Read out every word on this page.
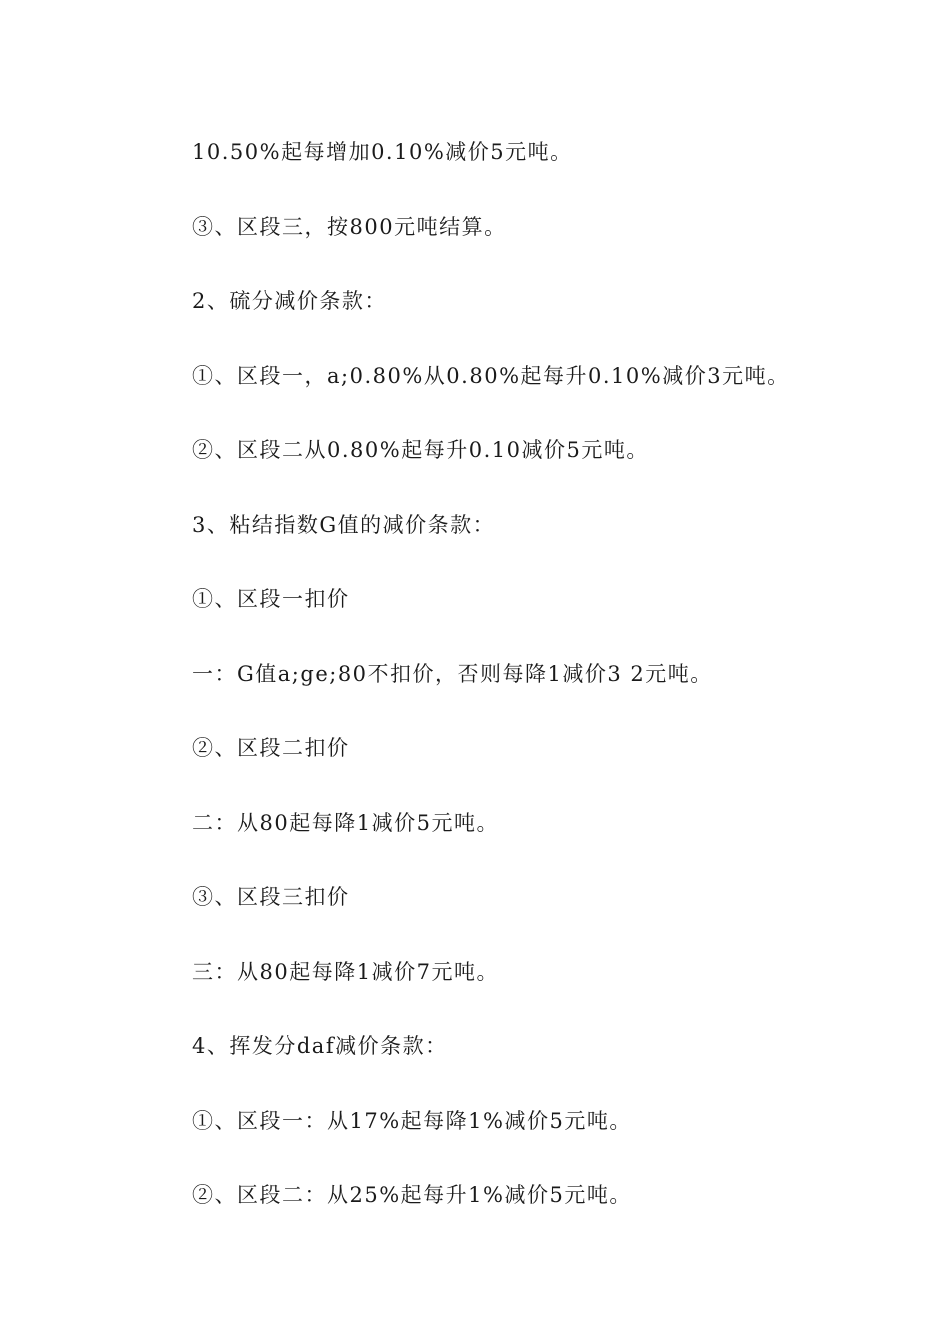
10.50%起每增加0.10%减价5元吨。
③、区段三，按800元吨结算。
2、硫分减价条款：
①、区段一，a;0.80%从0.80%起每升0.10%减价3元吨。
②、区段二从0.80%起每升0.10减价5元吨。
3、粘结指数G值的减价条款：
①、区段一扣价
一：G值a;ge;80不扣价，否则每降1减价3 2元吨。
②、区段二扣价
二：从80起每降1减价5元吨。
③、区段三扣价
三：从80起每降1减价7元吨。
4、挥发分daf减价条款：
①、区段一：从17%起每降1%减价5元吨。
②、区段二：从25%起每升1%减价5元吨。
